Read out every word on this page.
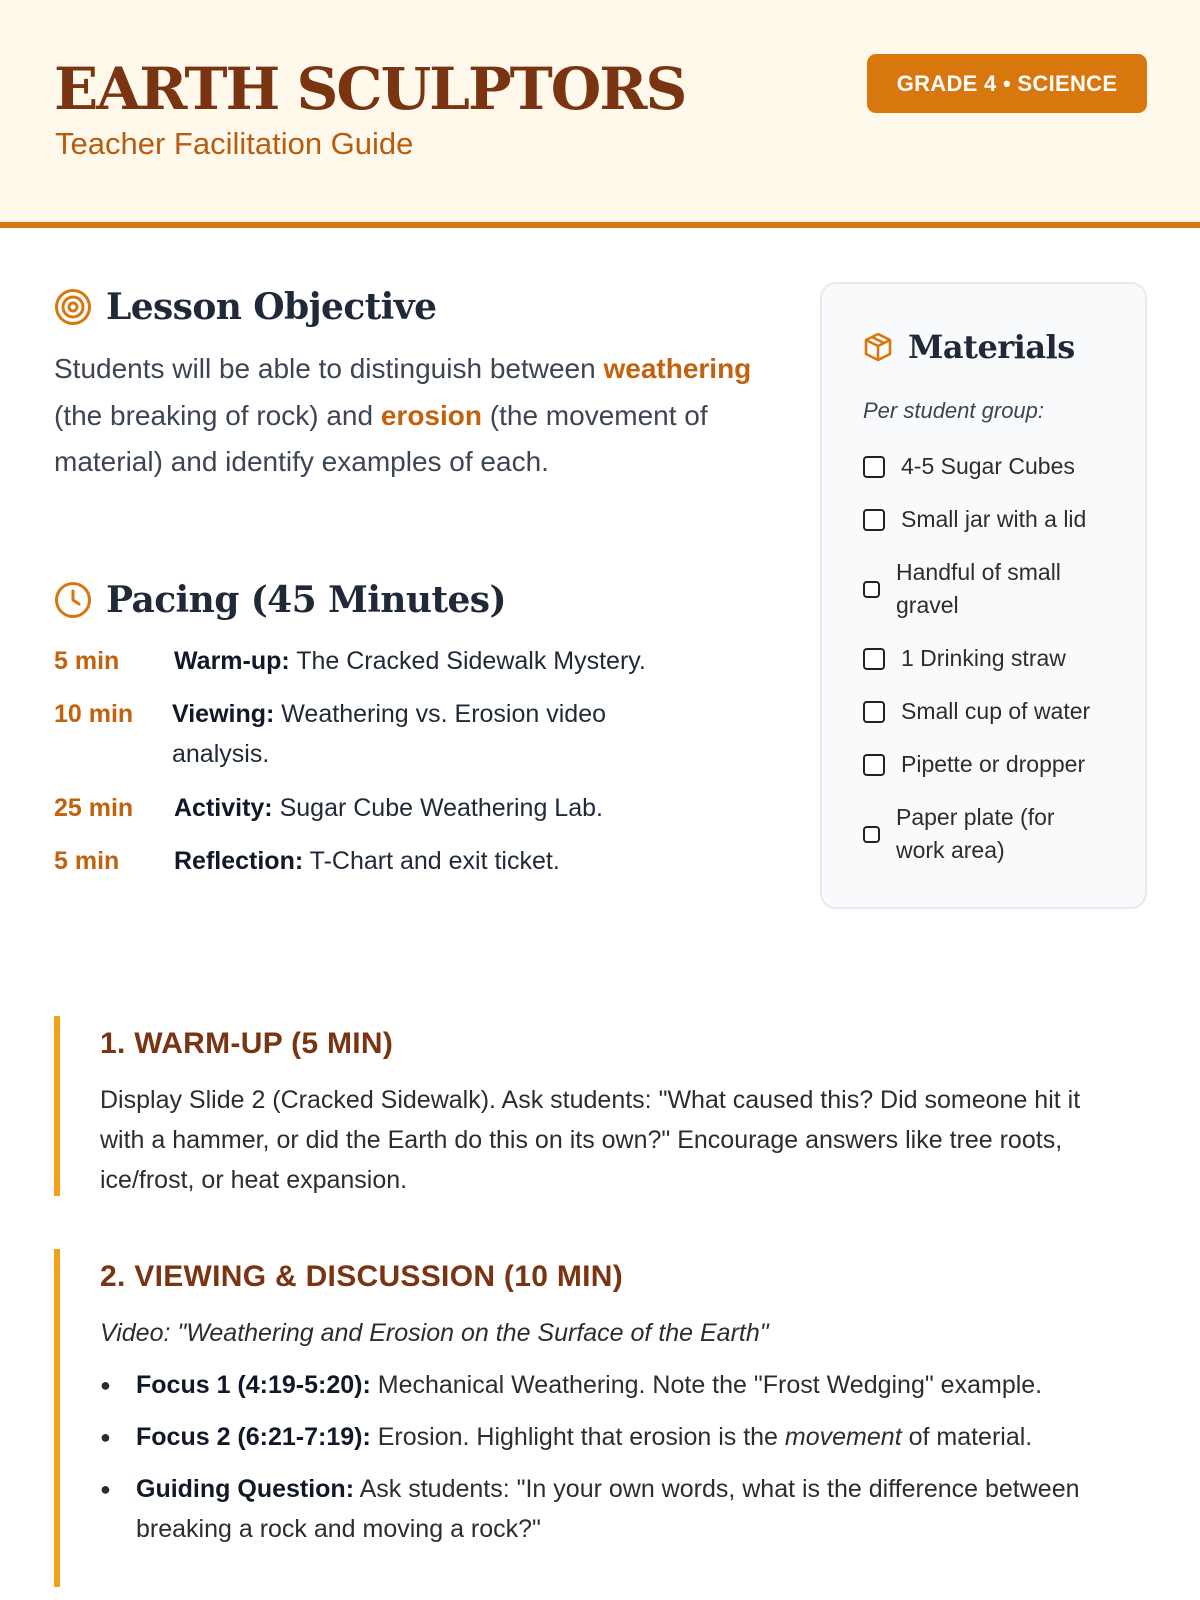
EARTH SCULPTORS
Teacher Facilitation Guide
GRADE 4 • SCIENCE
Lesson Objective
Students will be able to distinguish between weathering (the breaking of rock) and erosion (the movement of material) and identify examples of each.
Pacing (45 Minutes)
5 min Warm-up: The Cracked Sidewalk Mystery.
10 min Viewing: Weathering vs. Erosion video analysis.
25 min Activity: Sugar Cube Weathering Lab.
5 min Reflection: T-Chart and exit ticket.
Materials
Per student group:
4-5 Sugar Cubes
Small jar with a lid
Handful of small
gravel
1 Drinking straw
Small cup of water
Pipette or dropper
Paper plate (for
work area)
1. WARM-UP (5 MIN)
Display Slide 2 (Cracked Sidewalk). Ask students: "What caused this? Did someone hit it with a hammer, or did the Earth do this on its own?" Encourage answers like tree roots, ice/frost, or heat expansion.
2. VIEWING & DISCUSSION (10 MIN)
Video: "Weathering and Erosion on the Surface of the Earth"
● Focus 1 (4:19-5:20): Mechanical Weathering. Note the "Frost Wedging" example.
● Focus 2 (6:21-7:19): Erosion. Highlight that erosion is the movement of material.
● Guiding Question: Ask students: "In your own words, what is the difference between breaking a rock and moving a rock?"
